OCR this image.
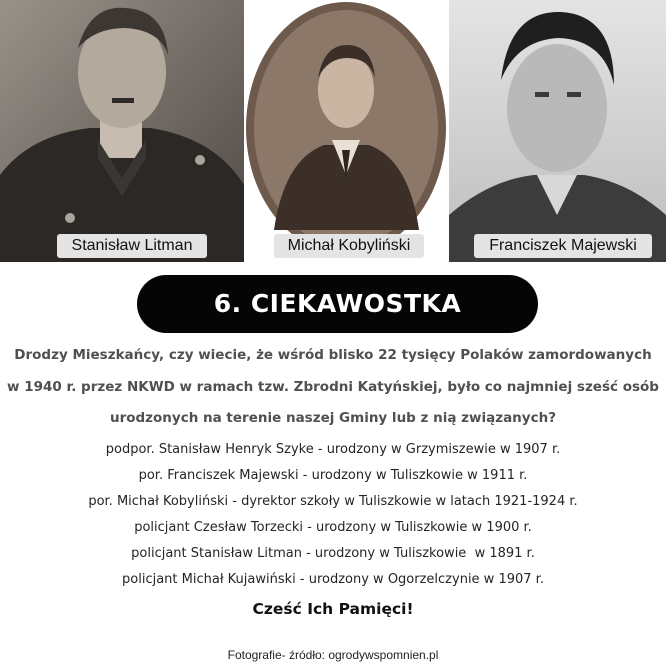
Stanisław Litman	Michał Kobyliński	Franciszek Majewski
6. CIEKAWOSTKA
Drodzy Mieszkańcy, czy wiecie, że wśród blisko 22 tysięcy Polaków zamordowanych
w 1940 r. przez NKWD w ramach tzw. Zbrodni Katyńskiej, było co najmniej sześć osób
urodzonych na terenie naszej Gminy lub z nią związanych?
podpor. Stanisław Henryk Szyke - urodzony w Grzymiszewie w 1907 r.
por. Franciszek Majewski - urodzony w Tuliszkowie w 1911 r.
por. Michał Kobyliński - dyrektor szkoły w Tuliszkowie w latach 1921-1924 r.
policjant Czesław Torzecki - urodzony w Tuliszkowie w 1900 r.
policjant Stanisław Litman - urodzony w Tuliszkowie  w 1891 r.
policjant Michał Kujawiński - urodzony w Ogorzelczynie w 1907 r.
Cześć Ich Pamięci!
Fotografie- źródło: ogrodywspomnien.pl
